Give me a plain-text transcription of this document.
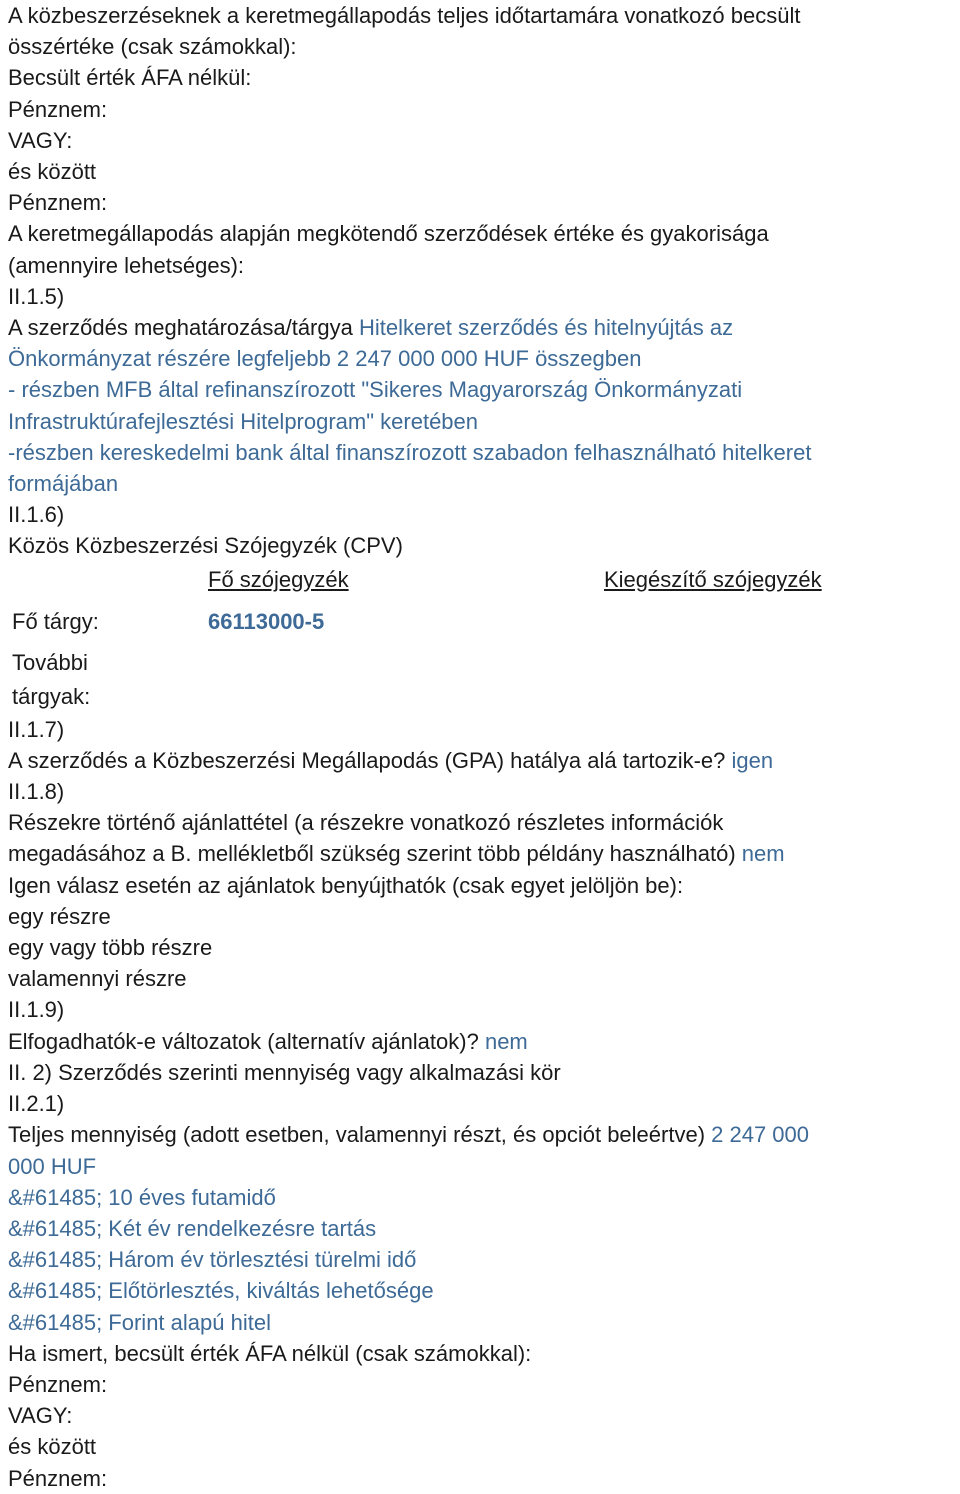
A közbeszerzéseknek a keretmegállapodás teljes időtartamára vonatkozó becsült
összértéke (csak számokkal):
Becsült érték ÁFA nélkül:
Pénznem:
VAGY:
és között
Pénznem:
A keretmegállapodás alapján megkötendő szerződések értéke és gyakorisága
(amennyire lehetséges):
II.1.5)
A szerződés meghatározása/tárgya Hitelkeret szerződés és hitelnyújtás az
Önkormányzat részére legfeljebb 2 247 000 000 HUF összegben
- részben MFB által refinanszírozott "Sikeres Magyarország Önkormányzati
Infrastruktúrafejlesztési Hitelprogram" keretében
-részben kereskedelmi bank által finanszírozott szabadon felhasználható hitelkeret
formájában
II.1.6)
Közös Közbeszerzési Szójegyzék (CPV)
	Fő szójegyzék	Kiegészítő szójegyzék
Fő tárgy:	66113000-5	
További
tárgyak:		
II.1.7)
A szerződés a Közbeszerzési Megállapodás (GPA) hatálya alá tartozik-e? igen
II.1.8)
Részekre történő ajánlattétel (a részekre vonatkozó részletes információk
megadásához a B. mellékletből szükség szerint több példány használható) nem
Igen válasz esetén az ajánlatok benyújthatók (csak egyet jelöljön be):
egy részre
egy vagy több részre
valamennyi részre
II.1.9)
Elfogadhatók-e változatok (alternatív ajánlatok)? nem
II. 2) Szerződés szerinti mennyiség vagy alkalmazási kör
II.2.1)
Teljes mennyiség (adott esetben, valamennyi részt, és opciót beleértve) 2 247 000
000 HUF
&#61485; 10 éves futamidő
&#61485; Két év rendelkezésre tartás
&#61485; Három év törlesztési türelmi idő
&#61485; Előtörlesztés, kiváltás lehetősége
&#61485; Forint alapú hitel
Ha ismert, becsült érték ÁFA nélkül (csak számokkal):
Pénznem:
VAGY:
és között
Pénznem:
